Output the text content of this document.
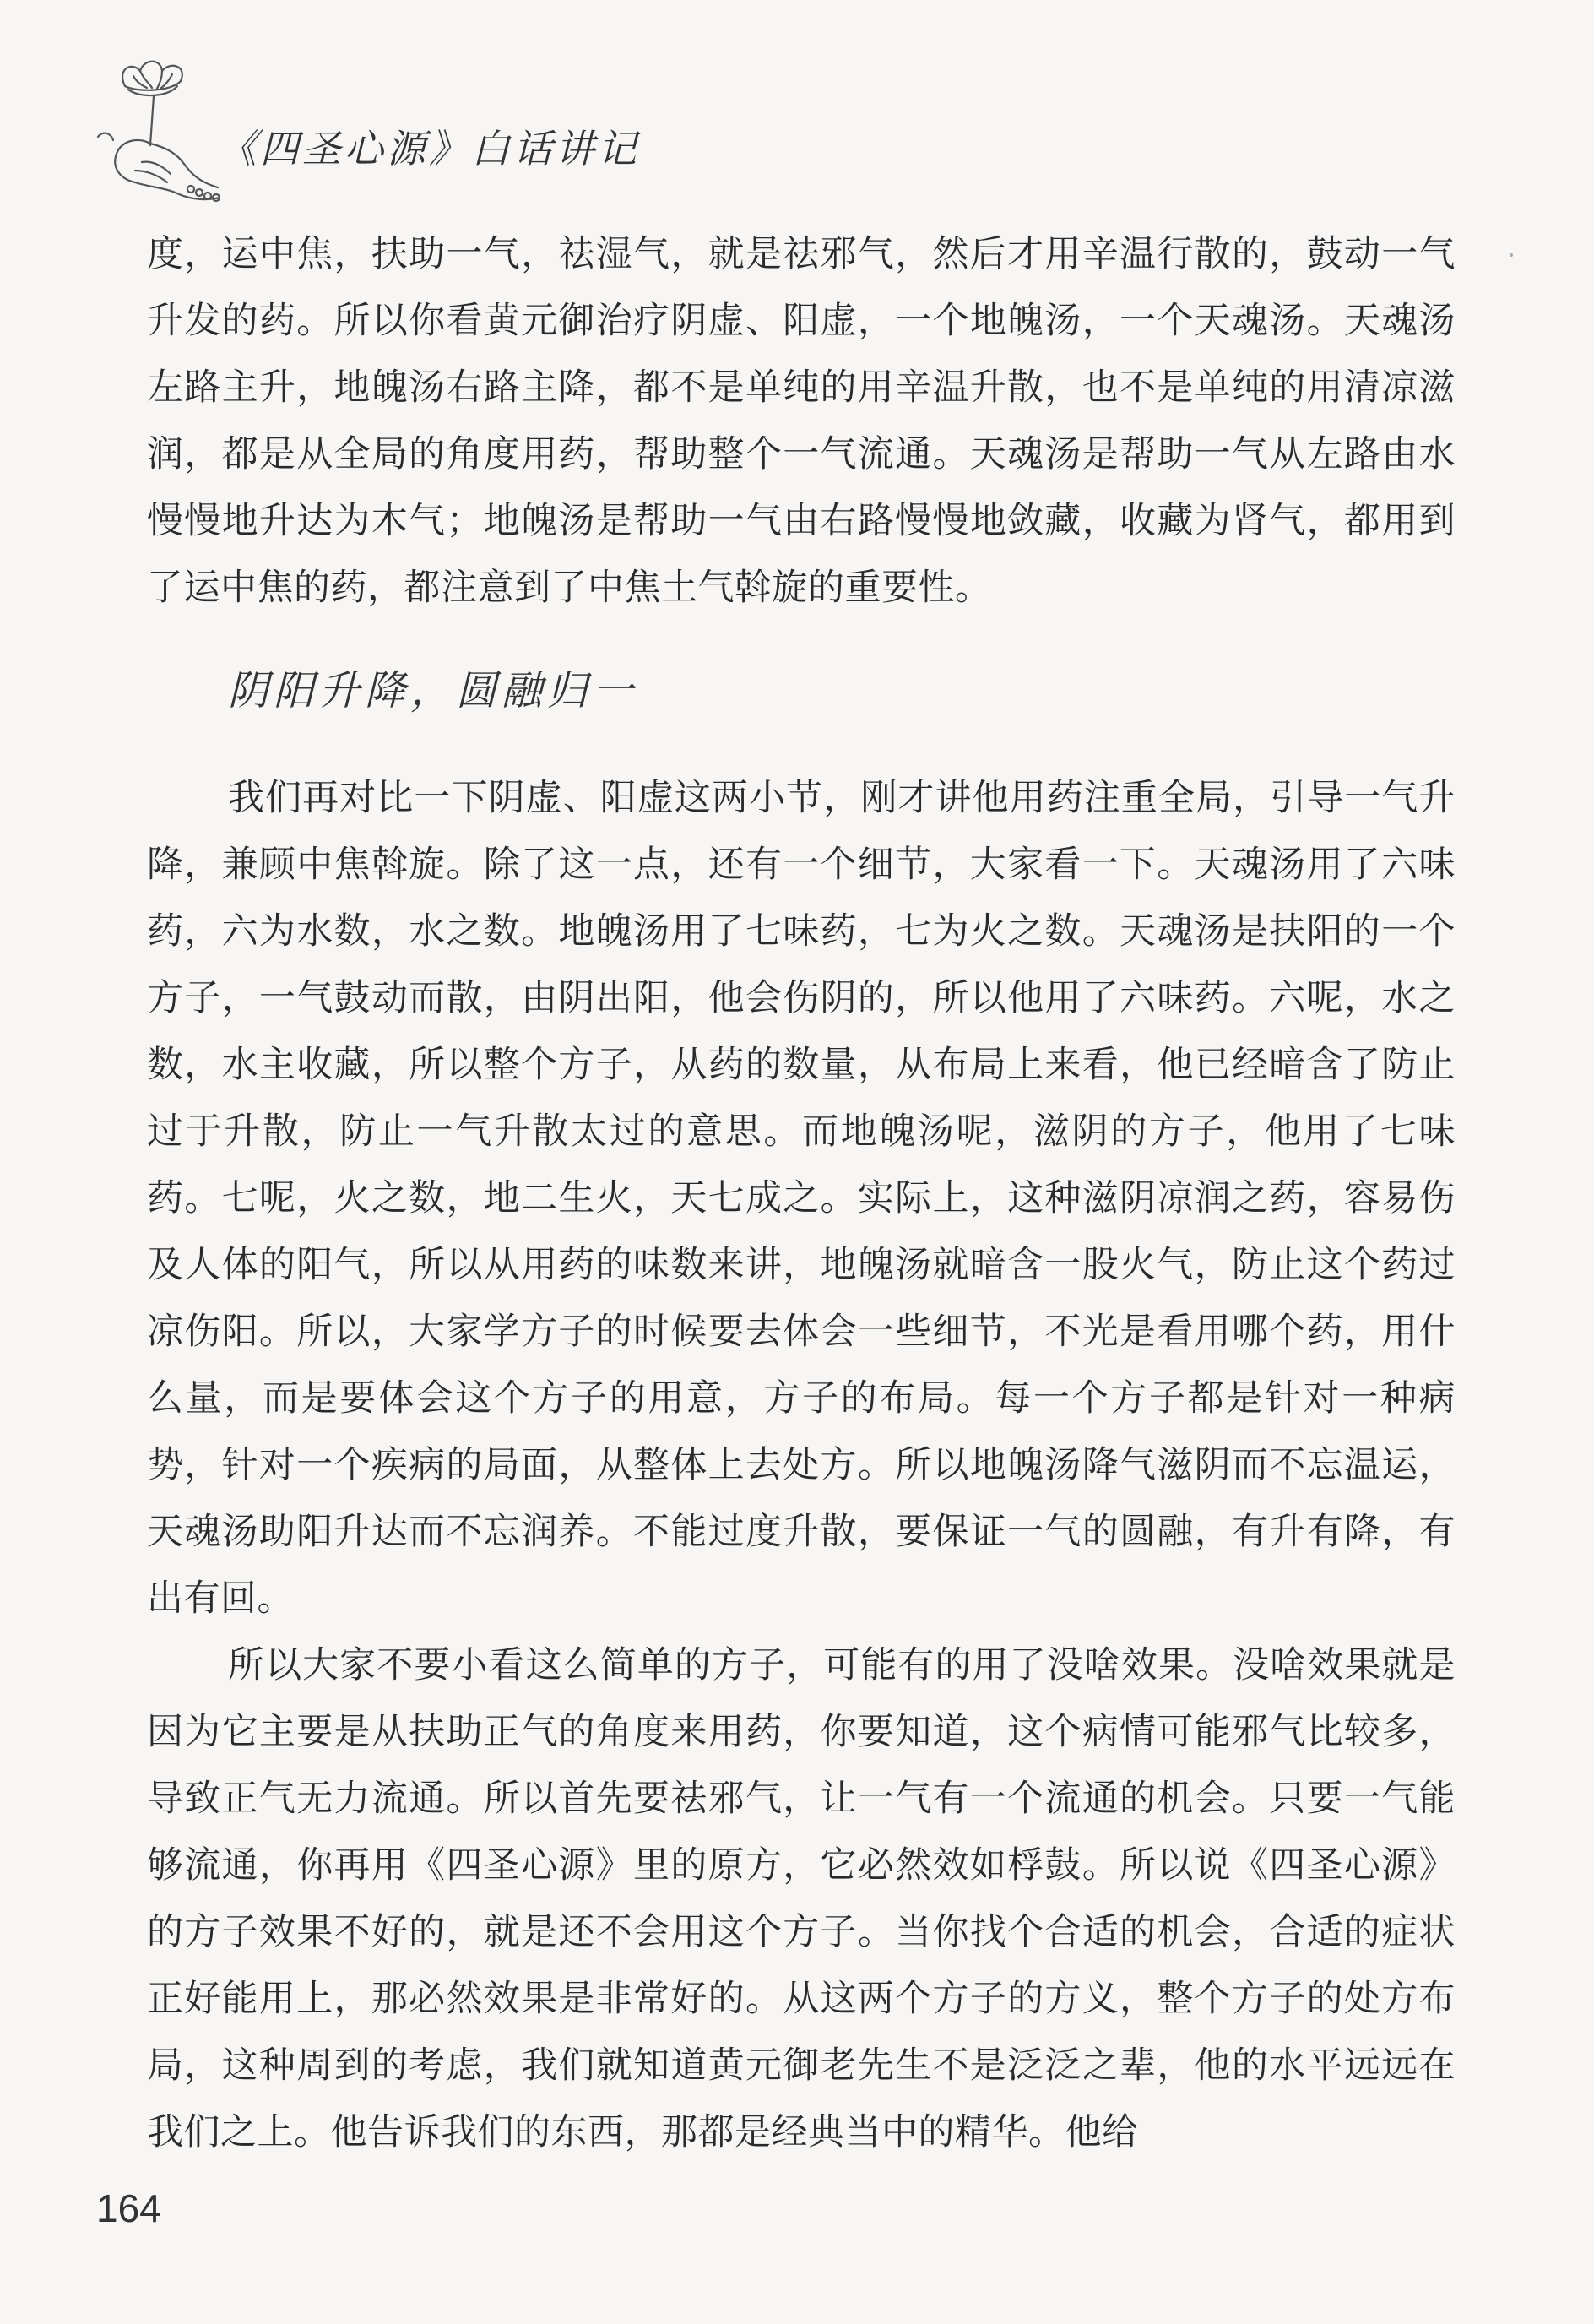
《四圣心源》白话讲记

度，运中焦，扶助一气，祛湿气，就是祛邪气，然后才用辛温行散的，鼓动一气升发的药。所以你看黄元御治疗阴虚、阳虚，一个地魄汤，一个天魂汤。天魂汤左路主升，地魄汤右路主降，都不是单纯的用辛温升散，也不是单纯的用清凉滋润，都是从全局的角度用药，帮助整个一气流通。天魂汤是帮助一气从左路由水慢慢地升达为木气；地魄汤是帮助一气由右路慢慢地敛藏，收藏为肾气，都用到了运中焦的药，都注意到了中焦土气斡旋的重要性。

阴阳升降，圆融归一

我们再对比一下阴虚、阳虚这两小节，刚才讲他用药注重全局，引导一气升降，兼顾中焦斡旋。除了这一点，还有一个细节，大家看一下。天魂汤用了六味药，六为水数，水之数。地魄汤用了七味药，七为火之数。天魂汤是扶阳的一个方子，一气鼓动而散，由阴出阳，他会伤阴的，所以他用了六味药。六呢，水之数，水主收藏，所以整个方子，从药的数量，从布局上来看，他已经暗含了防止过于升散，防止一气升散太过的意思。而地魄汤呢，滋阴的方子，他用了七味药。七呢，火之数，地二生火，天七成之。实际上，这种滋阴凉润之药，容易伤及人体的阳气，所以从用药的味数来讲，地魄汤就暗含一股火气，防止这个药过凉伤阳。所以，大家学方子的时候要去体会一些细节，不光是看用哪个药，用什么量，而是要体会这个方子的用意，方子的布局。每一个方子都是针对一种病势，针对一个疾病的局面，从整体上去处方。所以地魄汤降气滋阴而不忘温运，天魂汤助阳升达而不忘润养。不能过度升散，要保证一气的圆融，有升有降，有出有回。

所以大家不要小看这么简单的方子，可能有的用了没啥效果。没啥效果就是因为它主要是从扶助正气的角度来用药，你要知道，这个病情可能邪气比较多，导致正气无力流通。所以首先要祛邪气，让一气有一个流通的机会。只要一气能够流通，你再用《四圣心源》里的原方，它必然效如桴鼓。所以说《四圣心源》的方子效果不好的，就是还不会用这个方子。当你找个合适的机会，合适的症状正好能用上，那必然效果是非常好的。从这两个方子的方义，整个方子的处方布局，这种周到的考虑，我们就知道黄元御老先生不是泛泛之辈，他的水平远远在我们之上。他告诉我们的东西，那都是经典当中的精华。他给

164
